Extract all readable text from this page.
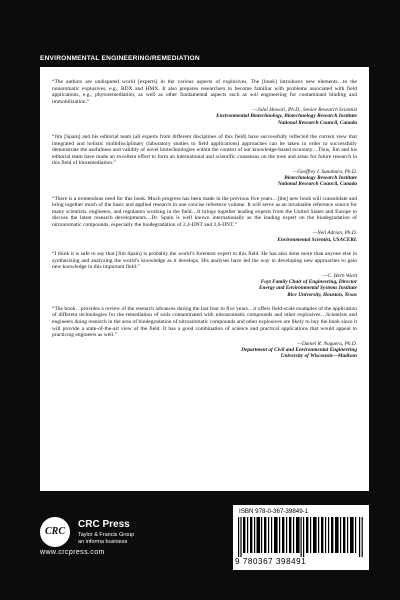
ENVIRONMENTAL ENGINEERING/REMEDIATION

“The authors are undisputed world [experts] in the various aspects of explosives. The [book] introduces new elements…to the nonaromatic explosives, e.g., RDX and HMX. It also prepares researchers to become familiar with problems associated with field applications, e.g., phytoremediation, as well as other fundamental aspects such as soil engineering for contaminant binding and immobilization.”

—Jalal Hawari, Ph.D., Senior Research Scientist
Environmental Biotechnology, Biotechnology Research Institute
National Research Council, Canada

“Jim [Spain] and his editorial team (all experts from different disciplines of this field) have successfully reflected the current view that integrated and holistic multidisciplinary (laboratory studies to field applications) approaches can be taken in order to successfully demonstrate the usefulness and validity of novel biotechnologies within the context of our knowledge-based economy…Thus, Jim and his editorial team have made an excellent effort to form an international and scientific consensus on the tone and areas for future research in this field of bioremediation.”

—Geoffrey I. Sunahara, Ph.D.
Biotechnology Research Institute
National Research Council, Canada

“There is a tremendous need for this book. Much progress has been made in the previous five years…[the] new book will consolidate and bring together much of the basic and applied research in one concise reference volume. It will serve as an invaluable reference source for many scientists, engineers, and regulators working in the field…It brings together leading experts from the United States and Europe to discuss the latest research developments…Dr. Spain is well known internationally as the leading expert on the biodegradation of nitroaromatic compounds, especially the biodegradation of 2,4-DNT and 2,6-DNT.”

—Neil Adrian, Ph.D.
Environmental Scientist, USACERL

“I think it is safe to say that [Jim Spain] is probably the world’s foremost expert in this field. He has also done more than anyone else in synthesizing and analyzing the world’s knowledge as it develops. His analyses have led the way in developing new approaches to gain new knowledge in this important field.”

—C. Herb Ward
Foyt Family Chair of Engineering, Director
Energy and Environmental Systems Institute
Rice University, Houston, Texas

“The book…provides a review of the research advances during the last four to five years…it offers field-scale examples of the application of different technologies for the remediation of soils contaminated with nitroaromatic compounds and other explosives…Scientists and engineers doing research in the area of biodegradation of nitroaromatic compounds and other explosives are likely to buy the book since it will provide a state-of-the-art view of the field. It has a good combination of science and practical applications that would appeal to practicing engineers as well.”

—Daniel R. Noguera, Ph.D.
Department of Civil and Environmental Engineering
University of Wisconsin—Madison
CRC
CRC Press
Taylor & Francis Group
an informa business
www.crcpress.com
ISBN 978-0-367-39849-1
9 780367 398491
